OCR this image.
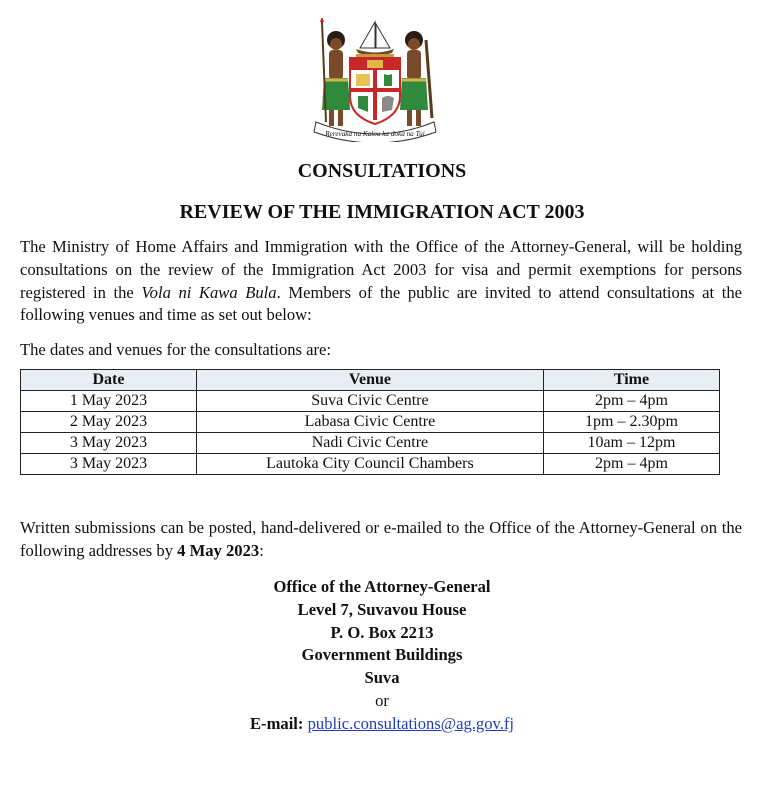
Rerevaka na Kalou ka doka na Tui
CONSULTATIONS
REVIEW OF THE IMMIGRATION ACT 2003
The Ministry of Home Affairs and Immigration with the Office of the Attorney-General, will be holding consultations on the review of the Immigration Act 2003 for visa and permit exemptions for persons registered in the Vola ni Kawa Bula. Members of the public are invited to attend consultations at the following venues and time as set out below:
The dates and venues for the consultations are:
Date	Venue	Time
1 May 2023	Suva Civic Centre	2pm – 4pm
2 May 2023	Labasa Civic Centre	1pm – 2.30pm
3 May 2023	Nadi Civic Centre	10am – 12pm
3 May 2023	Lautoka City Council Chambers	2pm – 4pm
Written submissions can be posted, hand-delivered or e-mailed to the Office of the Attorney-General on the following addresses by 4 May 2023:
Office of the Attorney-General
Level 7, Suvavou House
P. O. Box 2213
Government Buildings
Suva
or
E-mail: public.consultations@ag.gov.fj
